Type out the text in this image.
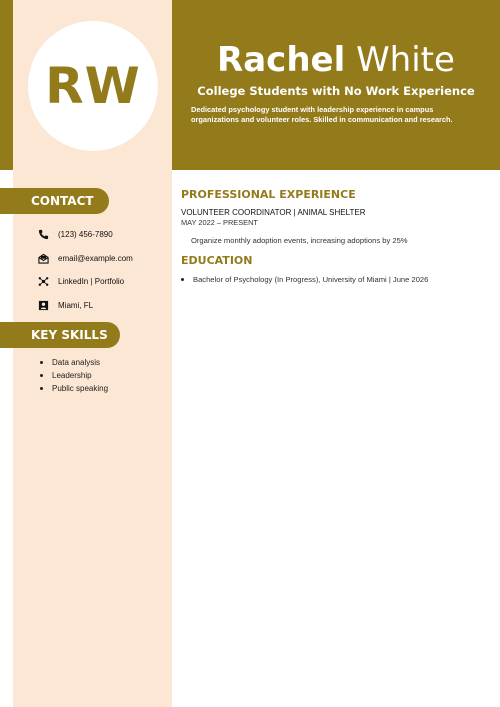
RW	Rachel White
College Students with No Work Experience
Dedicated psychology student with leadership experience in campus organizations and volunteer roles. Skilled in communication and research.
CONTACT
(123) 456-7890
email@example.com
LinkedIn | Portfolio
Miami, FL
KEY SKILLS
Data analysis
Leadership
Public speaking
PROFESSIONAL EXPERIENCE
VOLUNTEER COORDINATOR | ANIMAL SHELTER
MAY 2022 – PRESENT
Organize monthly adoption events, increasing adoptions by 25%
EDUCATION
Bachelor of Psychology (In Progress), University of Miami | June 2026
